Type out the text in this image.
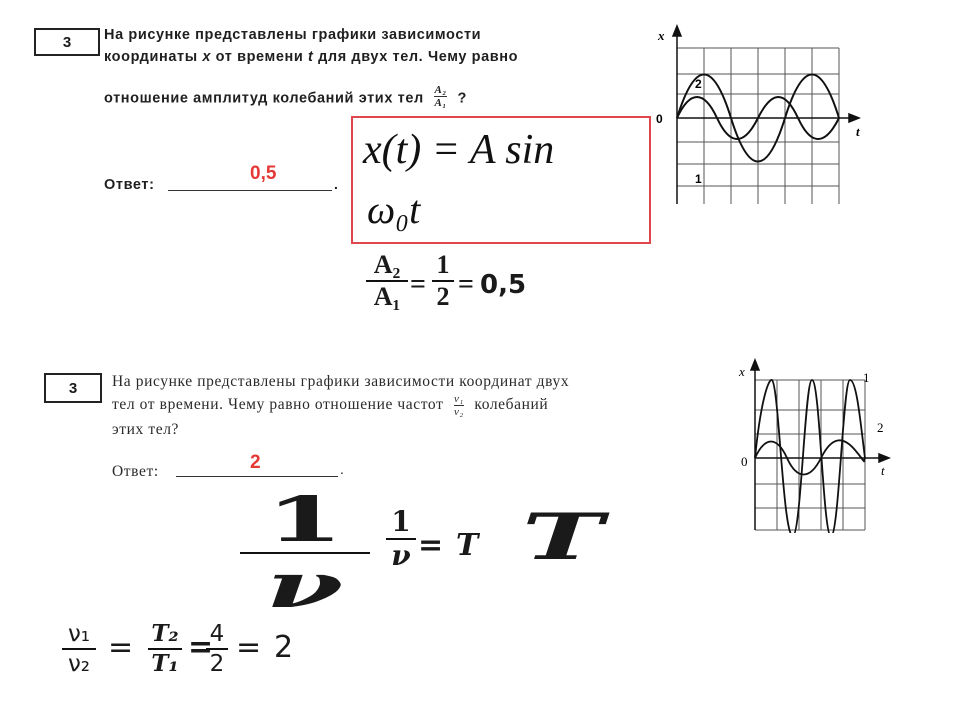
3 На рисунке представлены графики зависимости
координаты x от времени t для двух тел. Чему равно
отношение амплитуд колебаний этих тел $\frac{\text{A₂}}{\text{A₁}}$ ?
Ответ:	.
0,5
x
t
0
2
1
x(t) = A sin
ω₀t
A₂
A₁ =
1
2 = 0,5
3 На рисунке представлены графики зависимости координат двух
тел от времени. Чему равно отношение частот $\frac{\text{ν₁}}{\text{ν₂}}$ колебаний
этих тел?
Ответ:	.
2
x
t
0
1
2
1
ν
1
ν = T T
ν₁
ν₂ = T₂
T₁ =
4
2 = 2
